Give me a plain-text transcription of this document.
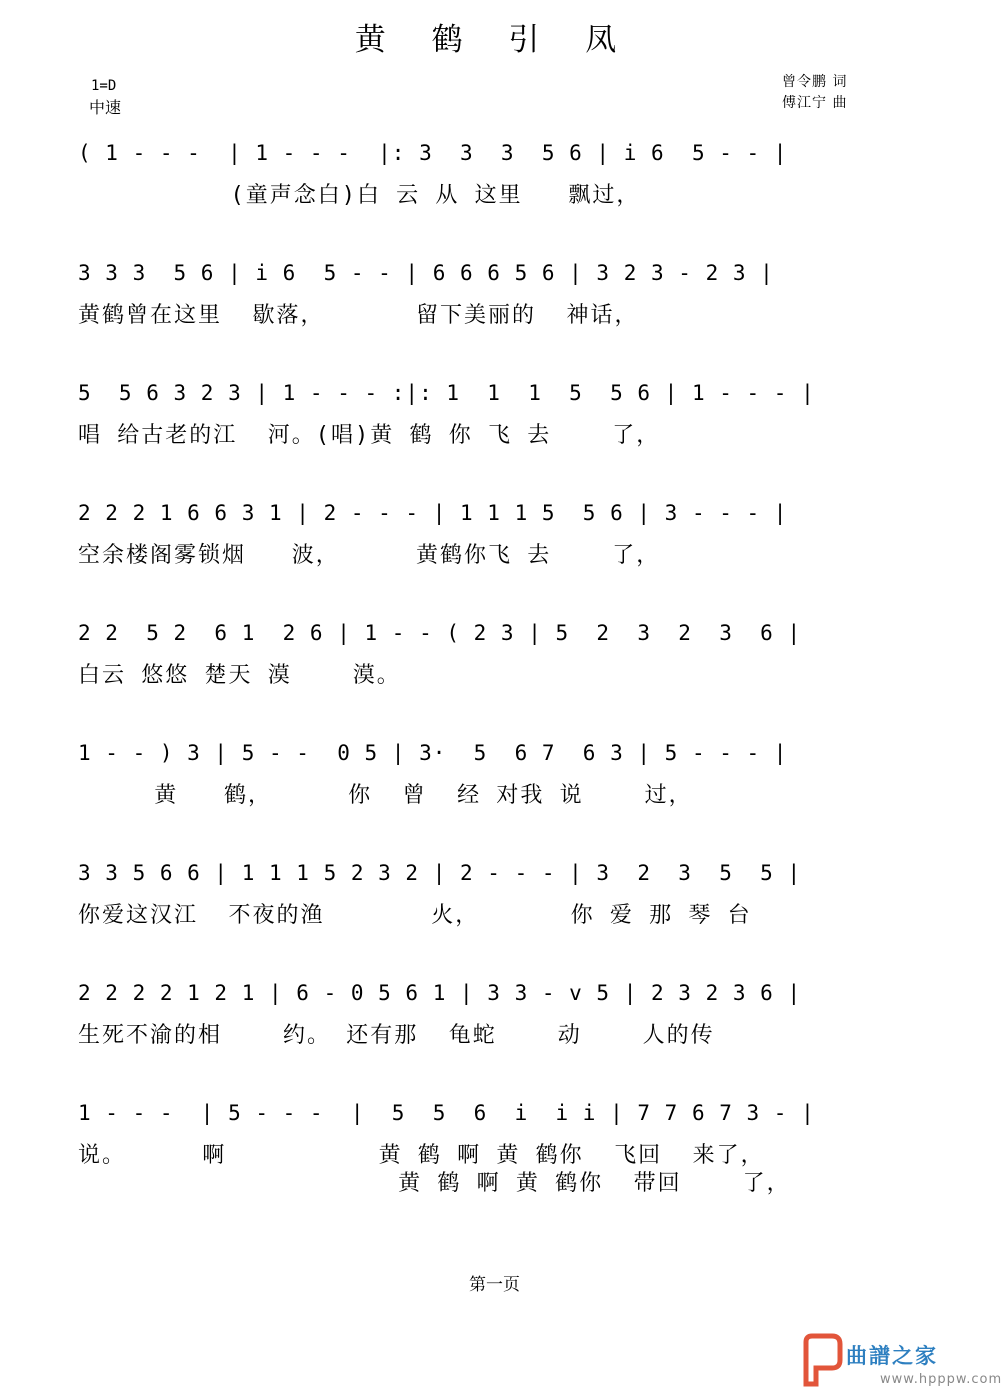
黄 鹤 引 凤
1=D
中速
曾令鹏 词
傅江宁 曲
( 1 - - -  | 1 - - -  |: 3  3  3  5 6 | i 6  5 - - |
(童声念白)白 云 从 这里   飘过，
3 3 3  5 6 | i 6  5 - - | 6 6 6 5 6 | 3 2 3 - 2 3 |
黄鹤曾在这里  歇落，      留下美丽的  神话，
5  5 6 3 2 3 | 1 - - - :|: 1  1  1  5  5 6 | 1 - - - |
唱 给古老的江  河。(唱)黄 鹤 你 飞 去    了，
2 2 2 1 6 6 3 1 | 2 - - - | 1 1 1 5  5 6 | 3 - - - |
空余楼阁雾锁烟   波，     黄鹤你飞 去    了，
2 2  5 2  6 1  2 6 | 1 - - ( 2 3 | 5  2  3  2  3  6 |
白云 悠悠 楚天 漠    漠。
1 - - ) 3 | 5 - -  0 5 | 3·  5  6 7  6 3 | 5 - - - |
黄   鹤，     你  曾  经 对我 说    过，
3 3 5 6 6 | 1 1 1 5 2 3 2 | 2 - - - | 3  2  3  5  5 |
你爱这汉江  不夜的渔       火，      你 爱 那 琴 台
2 2 2 2 1 2 1 | 6 - 0 5 6 1 | 3 3 - v 5 | 2 3 2 3 6 |
生死不渝的相    约。 还有那  龟蛇    动    人的传
1 - - -  | 5 - - -  |  5  5  6  i  i i | 7 7 6 7 3 - |
说。     啊          黄 鹤 啊 黄 鹤你  飞回  来了，
黄 鹤 啊 黄 鹤你  带回    了，
第一页
曲譜之家
www.hpppw.com
